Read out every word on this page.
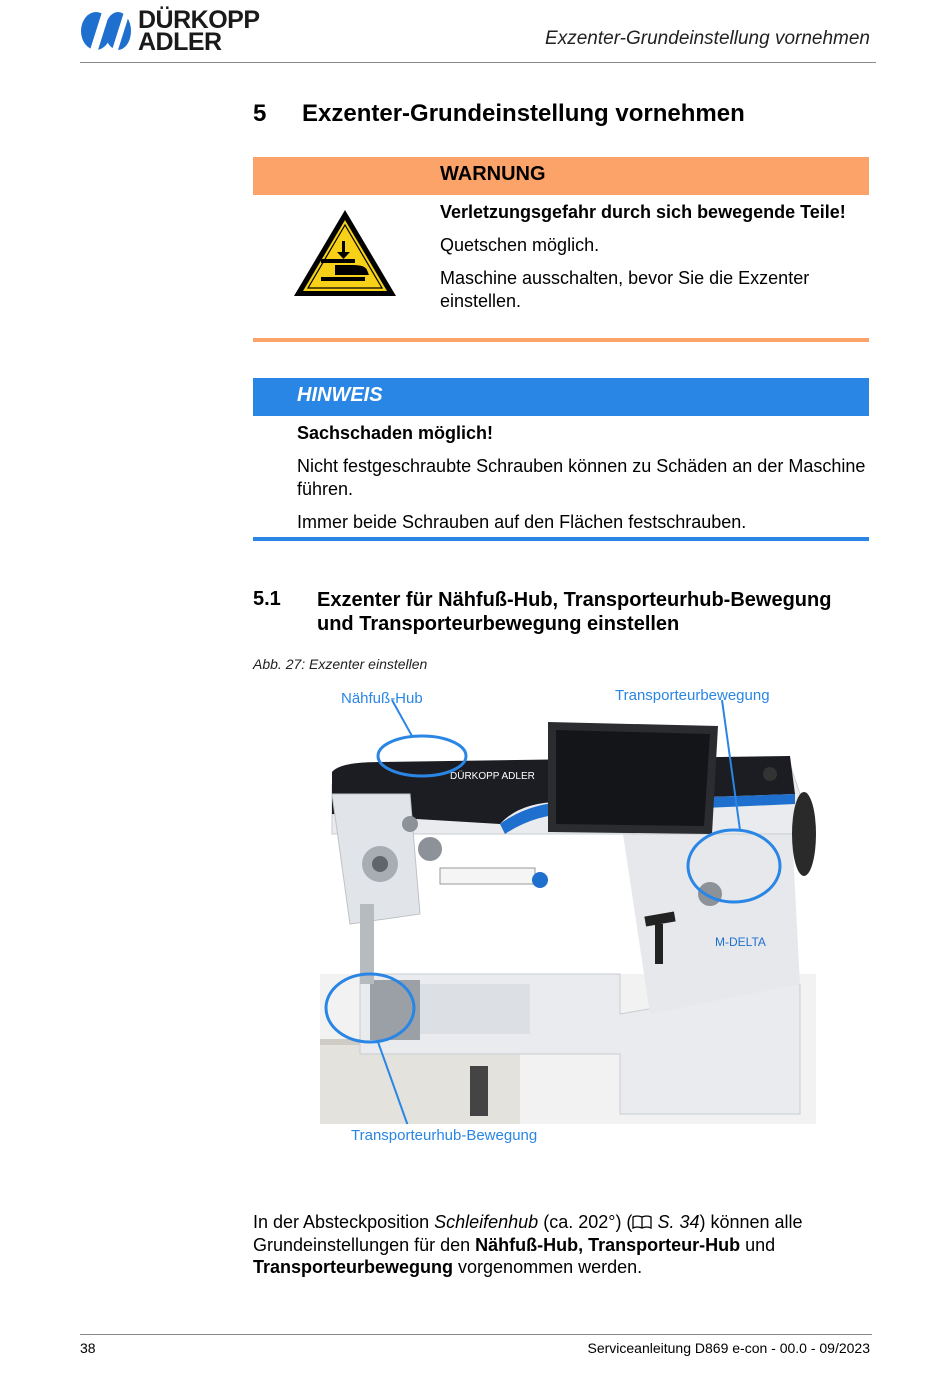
DÜRKOPP
ADLER	Exzenter-Grundeinstellung vornehmen
5 Exzenter-Grundeinstellung vornehmen
WARNUNG

Verletzungsgefahr durch sich bewegende Teile!

Quetschen möglich.

Maschine ausschalten, bevor Sie die Exzenter einstellen.

HINWEIS

Sachschaden möglich!

Nicht festgeschraubte Schrauben können zu Schäden an der Maschine führen.

Immer beide Schrauben auf den Flächen festschrauben.

5.1 Exzenter für Nähfuß-Hub, Transporteurhub-Bewegung und Transporteurbewegung einstellen
Abb. 27: Exzenter einstellen
DÜRKOPP ADLER
M-DELTA
Nähfuß-Hub	Transporteurbewegung
Transporteurhub-Bewegung
In der Absteckposition Schleifenhub (ca. 202°) ( S. 34) können alle Grundeinstellungen für den Nähfuß-Hub, Transporteur-Hub und Transporteurbewegung vorgenommen werden.
38	Serviceanleitung D869 e-con - 00.0 - 09/2023
